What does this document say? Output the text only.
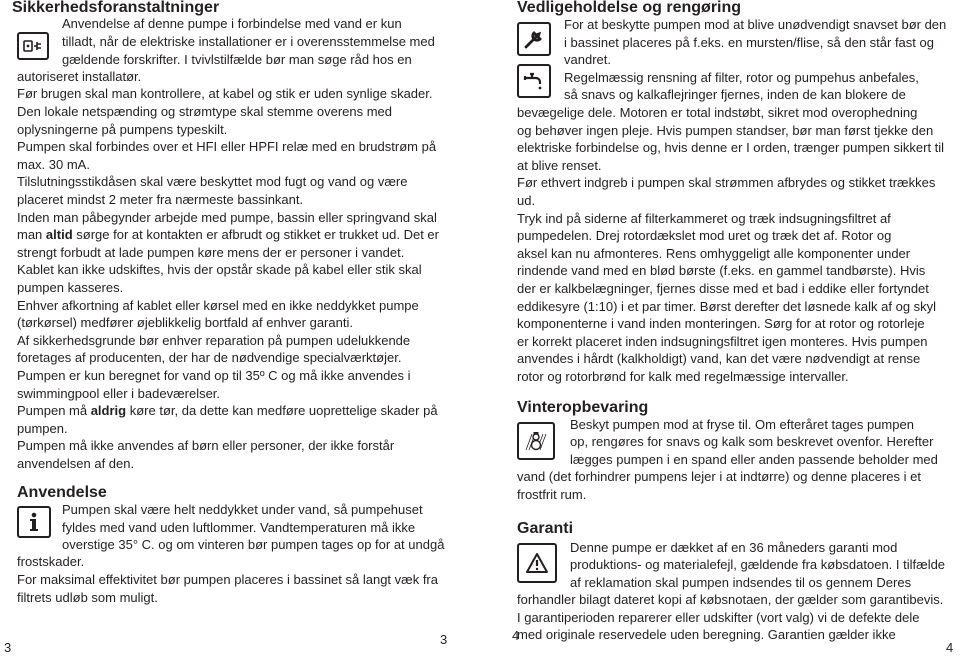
Sikkerhedsforanstaltninger
Anvendelse af denne pumpe i forbindelse med vand er kun
tilladt, når de elektriske installationer er i overensstemmelse med
gældende forskrifter. I tvivlstilfælde bør man søge råd hos en
autoriseret installatør.
Før brugen skal man kontrollere, at kabel og stik er uden synlige skader.
Den lokale netspænding og strømtype skal stemme overens med
oplysningerne på pumpens typeskilt.
Pumpen skal forbindes over et HFI eller HPFI relæ med en brudstrøm på
max. 30 mA.
Tilslutningsstikdåsen skal være beskyttet mod fugt og vand og være
placeret mindst 2 meter fra nærmeste bassinkant.
Inden man påbegynder arbejde med pumpe, bassin eller springvand skal
man altid sørge for at kontakten er afbrudt og stikket er trukket ud. Det er
strengt forbudt at lade pumpen køre mens der er personer i vandet.
Kablet kan ikke udskiftes, hvis der opstår skade på kabel eller stik skal
pumpen kasseres.
Enhver afkortning af kablet eller kørsel med en ikke neddykket pumpe
(tørkørsel) medfører øjeblikkelig bortfald af enhver garanti.
Af sikkerhedsgrunde bør enhver reparation på pumpen udelukkende
foretages af producenten, der har de nødvendige specialværktøjer.
Pumpen er kun beregnet for vand op til 35º C og må ikke anvendes i
swimmingpool eller i badeværelser.
Pumpen må aldrig køre tør, da dette kan medføre uoprettelige skader på
pumpen.
Pumpen må ikke anvendes af børn eller personer, der ikke forstår
anvendelsen af den.
Anvendelse
Pumpen skal være helt neddykket under vand, så pumpehuset
fyldes med vand uden luftlommer. Vandtemperaturen må ikke
overstige 35° C. og om vinteren bør pumpen tages op for at undgå
frostskader.
For maksimal effektivitet bør pumpen placeres i bassinet så langt væk fra
filtrets udløb som muligt.
3
3
Vedligeholdelse og rengøring
For at beskytte pumpen mod at blive unødvendigt snavset bør den
i bassinet placeres på f.eks. en mursten/flise, så den står fast og
vandret.
Regelmæssig rensning af filter, rotor og pumpehus anbefales,
så snavs og kalkaflejringer fjernes, inden de kan blokere de
bevægelige dele. Motoren er total indstøbt, sikret mod overophedning
og behøver ingen pleje. Hvis pumpen standser, bør man først tjekke den
elektriske forbindelse og, hvis denne er I orden, trænger pumpen sikkert til
at blive renset.
Før ethvert indgreb i pumpen skal strømmen afbrydes og stikket trækkes
ud.
Tryk ind på siderne af filterkammeret og træk indsugningsfiltret af
pumpedelen. Drej rotordækslet mod uret og træk det af. Rotor og
aksel kan nu afmonteres. Rens omhyggeligt alle komponenter under
rindende vand med en blød børste (f.eks. en gammel tandbørste). Hvis
der er kalkbelægninger, fjernes disse med et bad i eddike eller fortyndet
eddikesyre (1:10) i et par timer. Børst derefter det løsnede kalk af og skyl
komponenterne i vand inden monteringen. Sørg for at rotor og rotorleje
er korrekt placeret inden indsugningsfiltret igen monteres. Hvis pumpen
anvendes i hårdt (kalkholdigt) vand, kan det være nødvendigt at rense
rotor og rotorbrønd for kalk med regelmæssige intervaller.
Vinteropbevaring
Beskyt pumpen mod at fryse til. Om efteråret tages pumpen
op, rengøres for snavs og kalk som beskrevet ovenfor. Herefter
lægges pumpen i en spand eller anden passende beholder med
vand (det forhindrer pumpens lejer i at indtørre) og denne placeres i et
frostfrit rum.
Garanti
Denne pumpe er dækket af en 36 måneders garanti mod
produktions- og materialefejl, gældende fra købsdatoen. I tilfælde
af reklamation skal pumpen indsendes til os gennem Deres
forhandler bilagt dateret kopi af købsnotaen, der gælder som garantibevis.
I garantiperioden reparerer eller udskifter (vort valg) vi de defekte dele
med originale reservedele uden beregning. Garantien gælder ikke
4
4
